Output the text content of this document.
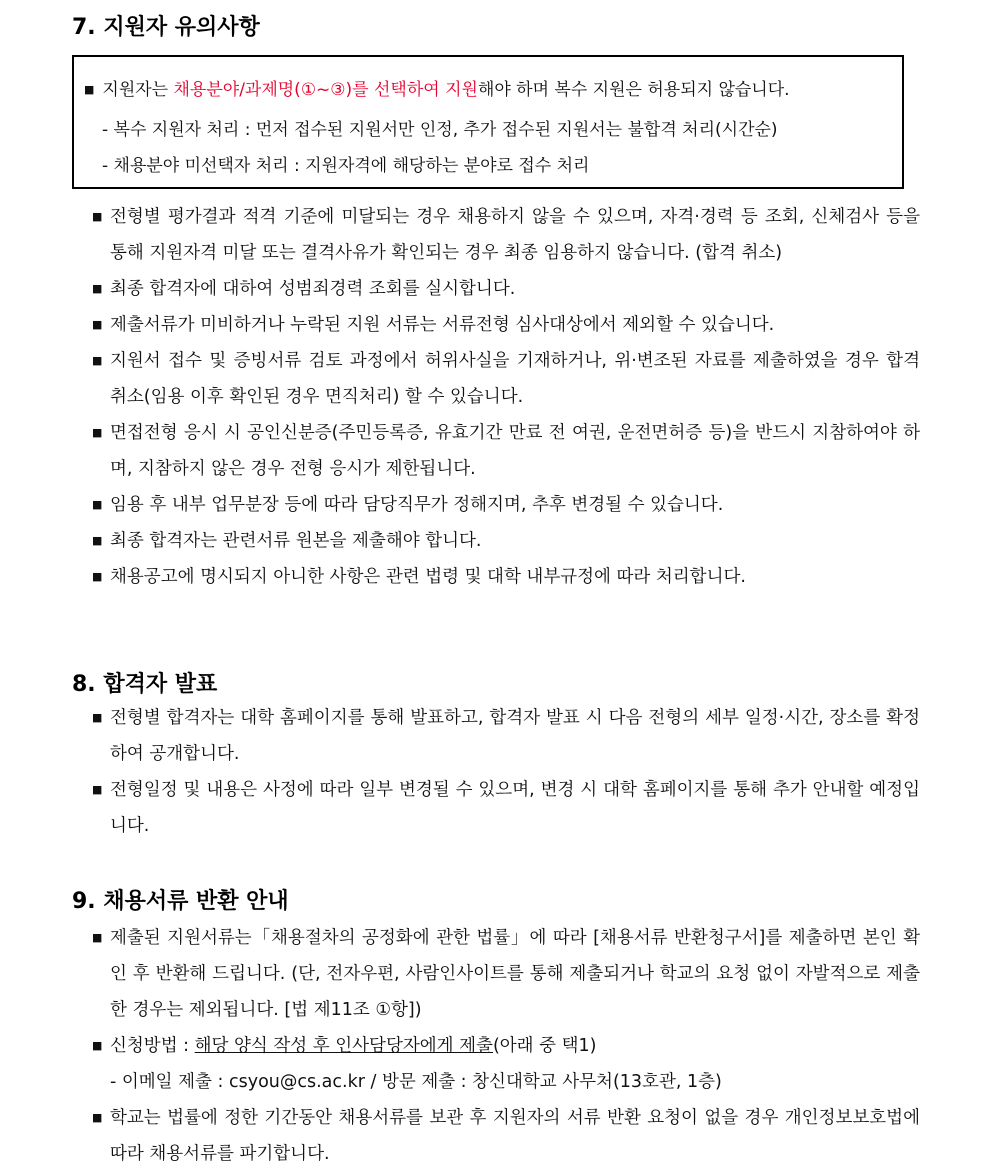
7. 지원자 유의사항
■ 지원자는 채용분야/과제명(①~③)를 선택하여 지원해야 하며 복수 지원은 허용되지 않습니다.
- 복수 지원자 처리 : 먼저 접수된 지원서만 인정, 추가 접수된 지원서는 불합격 처리(시간순)
- 채용분야 미선택자 처리 : 지원자격에 해당하는 분야로 접수 처리
■ 전형별 평가결과 적격 기준에 미달되는 경우 채용하지 않을 수 있으며, 자격·경력 등 조회, 신체검사 등을 통해 지원자격 미달 또는 결격사유가 확인되는 경우 최종 임용하지 않습니다. (합격 취소)
■ 최종 합격자에 대하여 성범죄경력 조회를 실시합니다.
■ 제출서류가 미비하거나 누락된 지원 서류는 서류전형 심사대상에서 제외할 수 있습니다.
■ 지원서 접수 및 증빙서류 검토 과정에서 허위사실을 기재하거나, 위·변조된 자료를 제출하였을 경우 합격 취소(임용 이후 확인된 경우 면직처리) 할 수 있습니다.
■ 면접전형 응시 시 공인신분증(주민등록증, 유효기간 만료 전 여권, 운전면허증 등)을 반드시 지참하여야 하며, 지참하지 않은 경우 전형 응시가 제한됩니다.
■ 임용 후 내부 업무분장 등에 따라 담당직무가 정해지며, 추후 변경될 수 있습니다.
■ 최종 합격자는 관련서류 원본을 제출해야 합니다.
■ 채용공고에 명시되지 아니한 사항은 관련 법령 및 대학 내부규정에 따라 처리합니다.
8. 합격자 발표
■ 전형별 합격자는 대학 홈페이지를 통해 발표하고, 합격자 발표 시 다음 전형의 세부 일정·시간, 장소를 확정하여 공개합니다.
■ 전형일정 및 내용은 사정에 따라 일부 변경될 수 있으며, 변경 시 대학 홈페이지를 통해 추가 안내할 예정입니다.
9. 채용서류 반환 안내
■ 제출된 지원서류는「채용절차의 공정화에 관한 법률」에 따라 [채용서류 반환청구서]를 제출하면 본인 확인 후 반환해 드립니다. (단, 전자우편, 사람인사이트를 통해 제출되거나 학교의 요청 없이 자발적으로 제출한 경우는 제외됩니다. [법 제11조 ①항])
■ 신청방법 : 해당 양식 작성 후 인사담당자에게 제출(아래 중 택1)
- 이메일 제출 : csyou@cs.ac.kr / 방문 제출 : 창신대학교 사무처(13호관, 1층)
■ 학교는 법률에 정한 기간동안 채용서류를 보관 후 지원자의 서류 반환 요청이 없을 경우 개인정보보호법에 따라 채용서류를 파기합니다.
